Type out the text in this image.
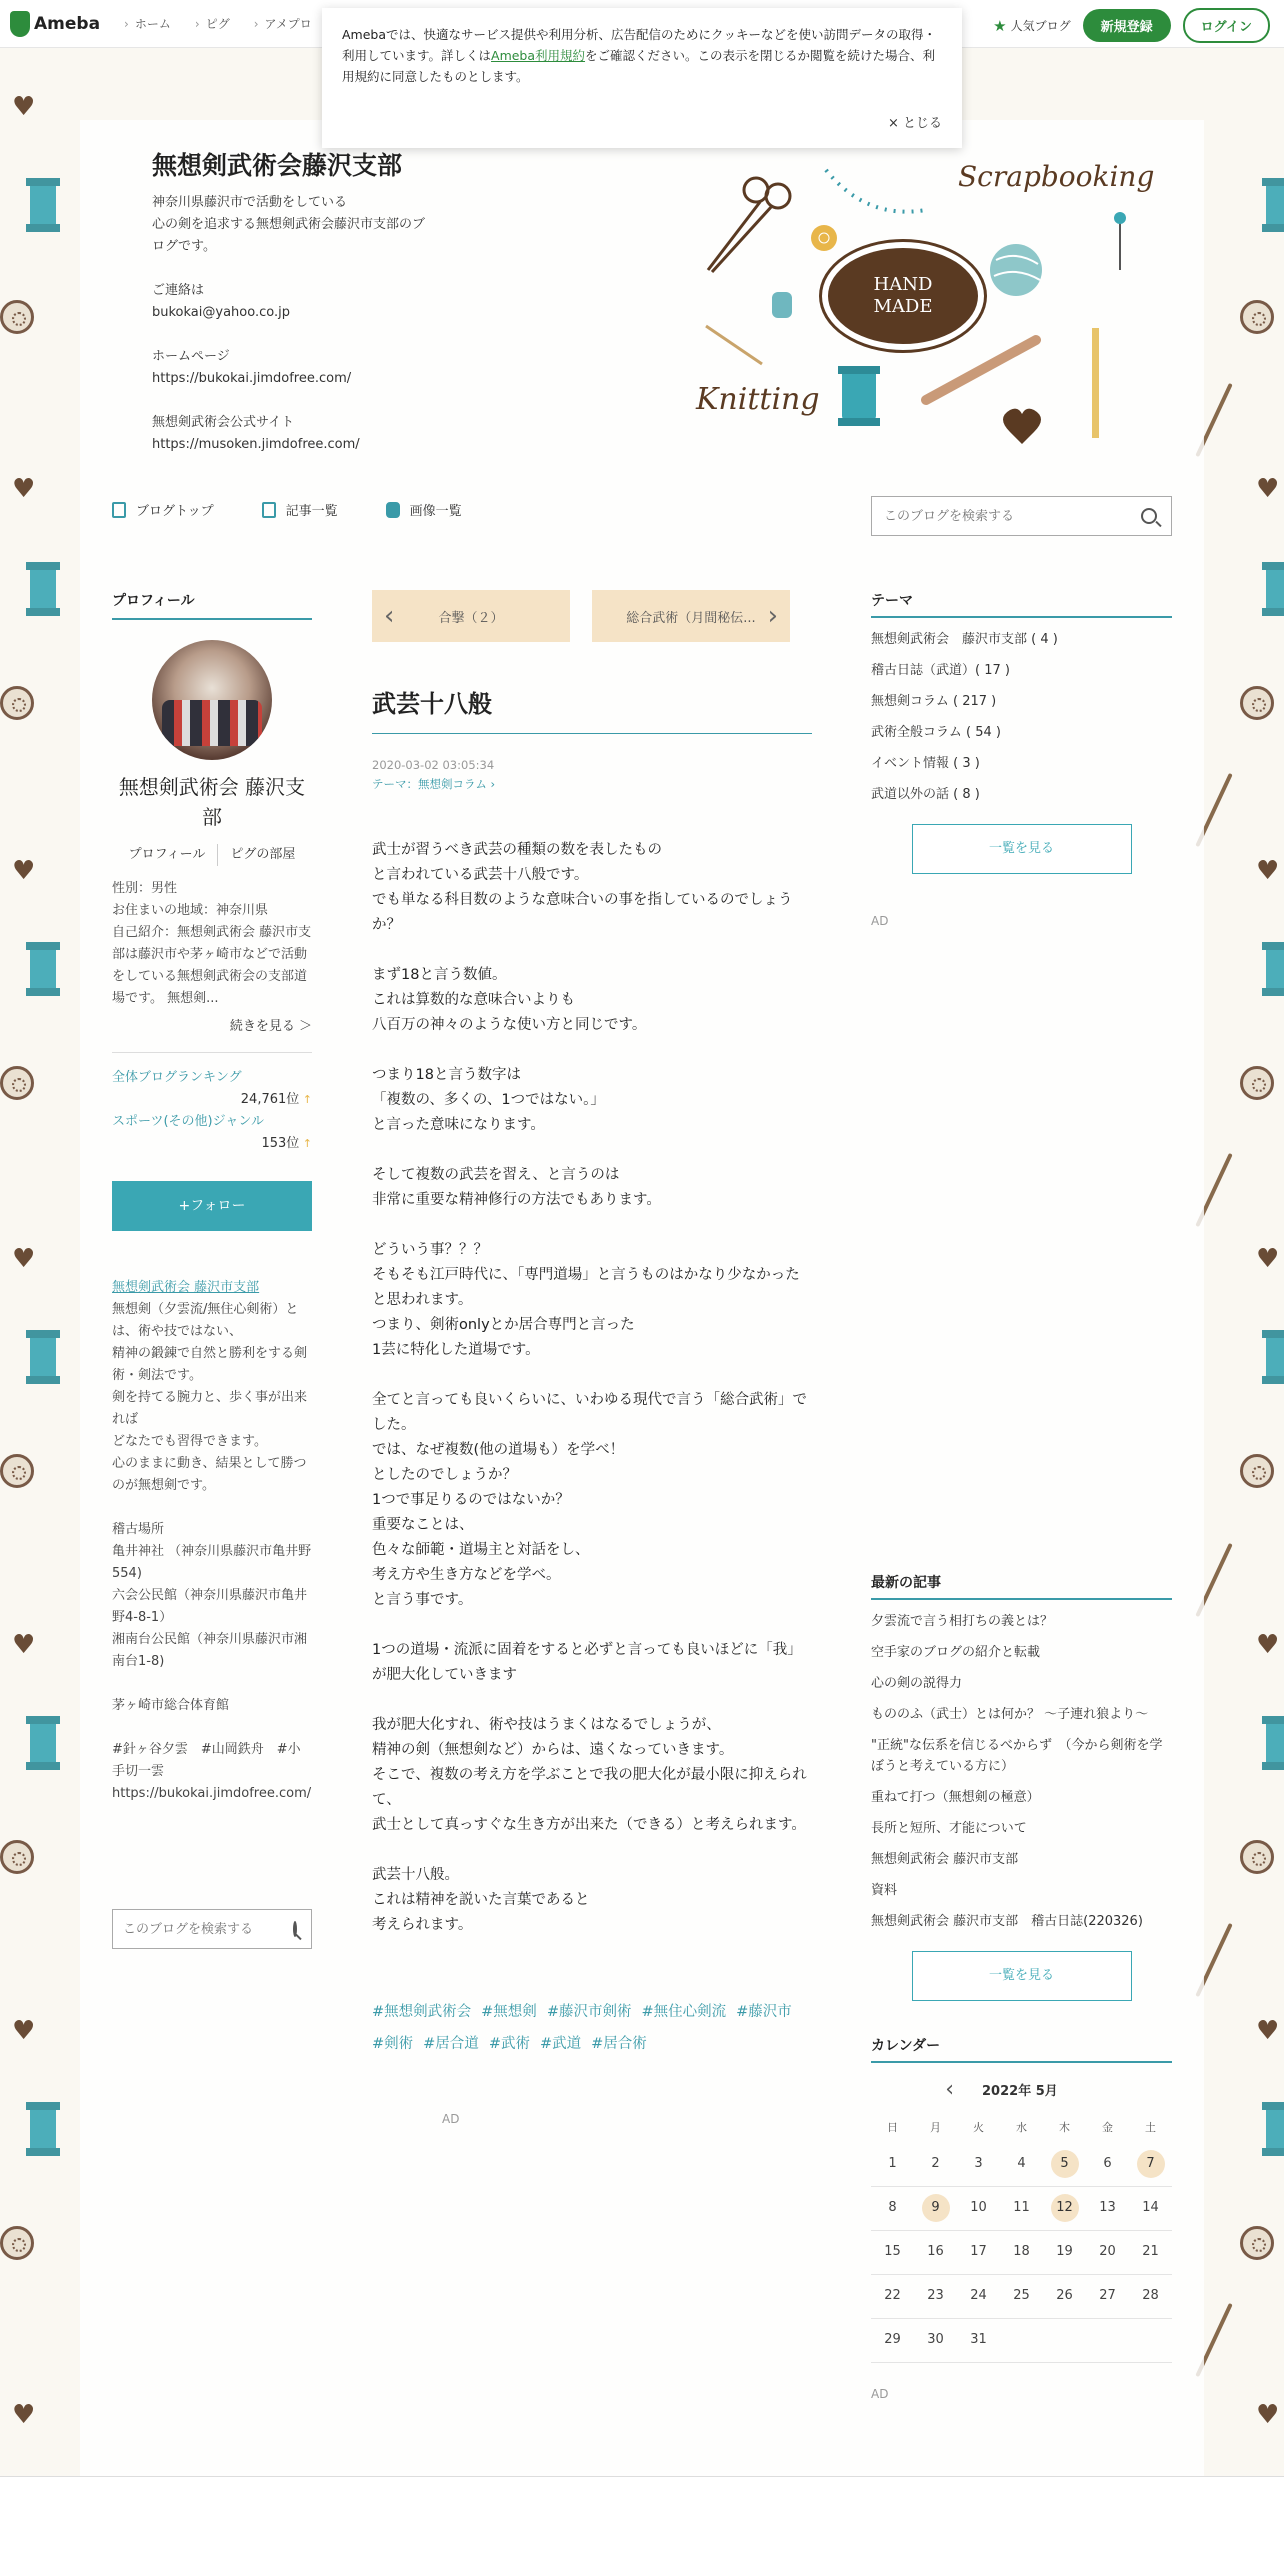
♥
♥
♥
♥
♥
♥
♥
♥
♥
♥
♥
♥
♥
Ameba	› ホーム	› ピグ	› アメプロ	★ 人気ブログ	新規登録	ログイン
Amebaでは、快適なサービス提供や利用分析、広告配信のためにクッキーなどを使い訪問データの取得・利用しています。詳しくはAmeba利用規約をご確認ください。この表示を閉じるか閲覧を続けた場合、利用規約に同意したものとします。
× とじる
無想剣武術会藤沢支部
神奈川県藤沢市で活動をしている
心の剣を追求する無想剣武術会藤沢市支部のブログです。

ご連絡は
bukokai@yahoo.co.jp

ホームページ
https://bukokai.jimdofree.com/

無想剣武術会公式サイト
https://musoken.jimdofree.com/
HAND
MADE
Scrapbooking
Knitting
ブログトップ	記事一覧	画像一覧
このブログを検索する
プロフィール
無想剣武術会 藤沢支部
プロフィール	ピグの部屋
性別：男性
お住まいの地域：神奈川県
自己紹介：無想剣武術会 藤沢市支部は藤沢市や茅ヶ崎市などで活動をしている無想剣武術会の支部道場です。 無想剣...
続きを見る ＞
全体ブログランキング
24,761位 ↑
スポーツ(その他)ジャンル
153位 ↑
+フォロー
無想剣武術会 藤沢市支部
無想剣（夕雲流/無住心剣術）とは、術や技ではない、
精神の鍛錬で自然と勝利をする剣術・剣法です。
剣を持てる腕力と、歩く事が出来れば
どなたでも習得できます。
心のままに動き、結果として勝つのが無想剣です。

稽古場所
亀井神社 （神奈川県藤沢市亀井野554)
六会公民館（神奈川県藤沢市亀井野4-8-1）
湘南台公民館（神奈川県藤沢市湘南台1-8)

茅ヶ崎市総合体育館

#針ヶ谷夕雲　#山岡鉄舟　#小手切一雲
https://bukokai.jimdofree.com/
このブログを検索する
‹ 合撃（２）	総合武術（月間秘伝... ›
武芸十八般
2020-03-02 03:05:34
テーマ：無想剣コラム ›
武士が習うべき武芸の種類の数を表したもの
と言われている武芸十八般です。
でも単なる科目数のような意味合いの事を指しているのでしょうか？

まず18と言う数値。
これは算数的な意味合いよりも
八百万の神々のような使い方と同じです。

つまり18と言う数字は
「複数の、多くの、1つではない。」
と言った意味になります。

そして複数の武芸を習え、と言うのは
非常に重要な精神修行の方法でもあります。

どういう事？？？
そもそも江戸時代に、「専門道場」と言うものはかなり少なかったと思われます。
つまり、剣術onlyとか居合専門と言った
1芸に特化した道場です。

全てと言っても良いくらいに、いわゆる現代で言う「総合武術」でした。
では、なぜ複数(他の道場も）を学べ！
としたのでしょうか？
1つで事足りるのではないか？
重要なことは、
色々な師範・道場主と対話をし、
考え方や生き方などを学べ。
と言う事です。

1つの道場・流派に固着をすると必ずと言っても良いほどに「我」が肥大化していきます

我が肥大化すれ、術や技はうまくはなるでしょうが、
精神の剣（無想剣など）からは、遠くなっていきます。
そこで、複数の考え方を学ぶことで我の肥大化が最小限に抑えられて、
武士として真っすぐな生き方が出来た（できる）と考えられます。

武芸十八般。
これは精神を説いた言葉であると
考えられます。
#無想剣武術会 #無想剣 #藤沢市剣術 #無住心剣流 #藤沢市#剣術 #居合道 #武術 #武道 #居合術
AD
テーマ
無想剣武術会　藤沢市支部 ( 4 )
稽古日誌（武道）( 17 )
無想剣コラム ( 217 )
武術全般コラム ( 54 )
イベント情報 ( 3 )
武道以外の話 ( 8 )
一覧を見る
AD
最新の記事
夕雲流で言う相打ちの義とは？
空手家のブログの紹介と転載
心の剣の説得力
もののふ（武士）とは何か？ ～子連れ狼より～
"正統"な伝系を信じるべからず　（今から剣術を学ぼうと考えている方に）
重ねて打つ（無想剣の極意）
長所と短所、才能について
無想剣武術会 藤沢市支部
資料
無想剣武術会 藤沢市支部　稽古日誌(220326)
一覧を見る
カレンダー
‹ 2022年 5月
日	月	火	水	木	金	土
1	2	3	4	5	6	7
8	9	10	11	12	13	14
15	16	17	18	19	20	21
22	23	24	25	26	27	28
29	30	31				
AD
